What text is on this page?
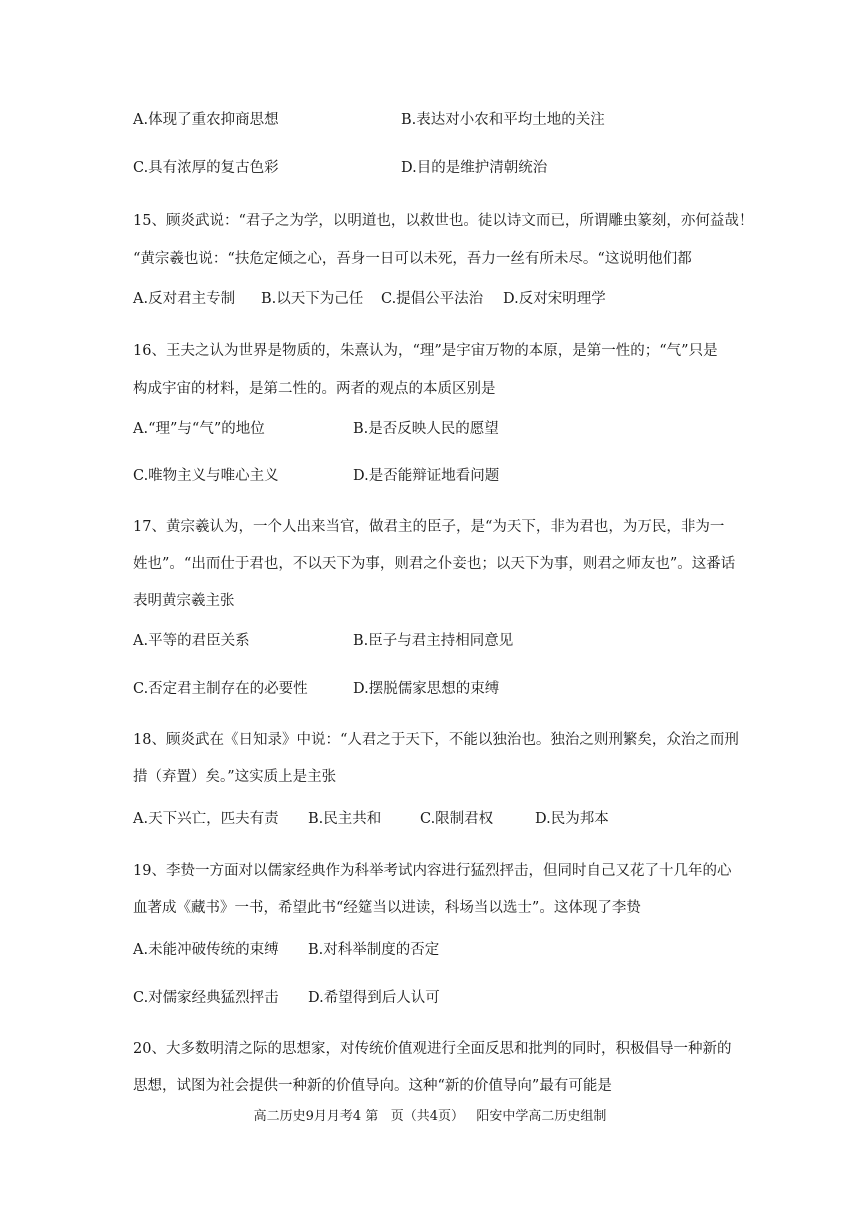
A.体现了重农抑商思想	B.表达对小农和平均土地的关注
C.具有浓厚的复古色彩	D.目的是维护清朝统治
15、顾炎武说：“君子之为学，以明道也，以救世也。徒以诗文而已，所谓雕虫篆刻，亦何益哉！
“黄宗羲也说：“扶危定倾之心，吾身一日可以未死，吾力一丝有所未尽。“这说明他们都
A.反对君主专制 B.以天下为己任 C.提倡公平法治 D.反对宋明理学
16、王夫之认为世界是物质的，朱熹认为，“理”是宇宙万物的本原，是第一性的；“气”只是
构成宇宙的材料，是第二性的。两者的观点的本质区别是
A.“理”与“气”的地位	B.是否反映人民的愿望
C.唯物主义与唯心主义	D.是否能辩证地看问题
17、黄宗羲认为，一个人出来当官，做君主的臣子，是“为天下，非为君也，为万民，非为一
姓也”。“出而仕于君也，不以天下为事，则君之仆妾也；以天下为事，则君之师友也”。这番话
表明黄宗羲主张
A.平等的君臣关系	B.臣子与君主持相同意见
C.否定君主制存在的必要性	D.摆脱儒家思想的束缚
18、顾炎武在《日知录》中说：“人君之于天下，不能以独治也。独治之则刑繁矣，众治之而刑
措（弃置）矣。”这实质上是主张
A.天下兴亡，匹夫有责 B.民主共和	C.限制君权	D.民为邦本
19、李贽一方面对以儒家经典作为科举考试内容进行猛烈抨击，但同时自己又花了十几年的心
血著成《藏书》一书，希望此书“经筵当以进读，科场当以选士”。这体现了李贽
A.未能冲破传统的束缚 B.对科举制度的否定
C.对儒家经典猛烈抨击 D.希望得到后人认可
20、大多数明清之际的思想家，对传统价值观进行全面反思和批判的同时，积极倡导一种新的
思想，试图为社会提供一种新的价值导向。这种“新的价值导向”最有可能是
高二历史9月月考4 第   页（共4页）   阳安中学高二历史组制
